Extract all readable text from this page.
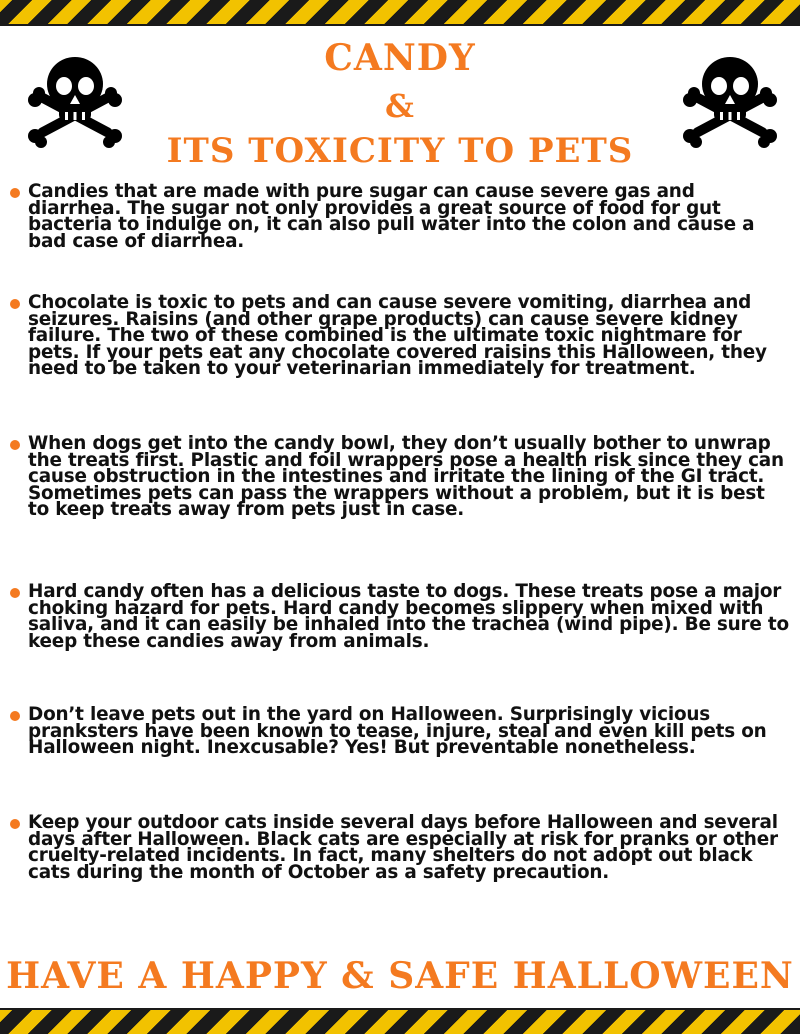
CANDY
&
ITS TOXICITY TO PETS
Candies that are made with pure sugar can cause severe gas and diarrhea. The sugar not only provides a great source of food for gut bacteria to indulge on, it can also pull water into the colon and cause a bad case of diarrhea.
Chocolate is toxic to pets and can cause severe vomiting, diarrhea and seizures. Raisins (and other grape products) can cause severe kidney failure. The two of these combined is the ultimate toxic nightmare for pets. If your pets eat any chocolate covered raisins this Halloween, they need to be taken to your veterinarian immediately for treatment.
When dogs get into the candy bowl, they don’t usually bother to unwrap the treats first. Plastic and foil wrappers pose a health risk since they can cause obstruction in the intestines and irritate the lining of the GI tract. Sometimes pets can pass the wrappers without a problem, but it is best to keep treats away from pets just in case.
Hard candy often has a delicious taste to dogs. These treats pose a major choking hazard for pets. Hard candy becomes slippery when mixed with saliva, and it can easily be inhaled into the trachea (wind pipe). Be sure to keep these candies away from animals.
Don’t leave pets out in the yard on Halloween. Surprisingly vicious pranksters have been known to tease, injure, steal and even kill pets on Halloween night. Inexcusable? Yes! But preventable nonetheless.
Keep your outdoor cats inside several days before Halloween and several days after Halloween. Black cats are especially at risk for pranks or other cruelty-related incidents. In fact, many shelters do not adopt out black cats during the month of October as a safety precaution.
HAVE A HAPPY & SAFE HALLOWEEN
